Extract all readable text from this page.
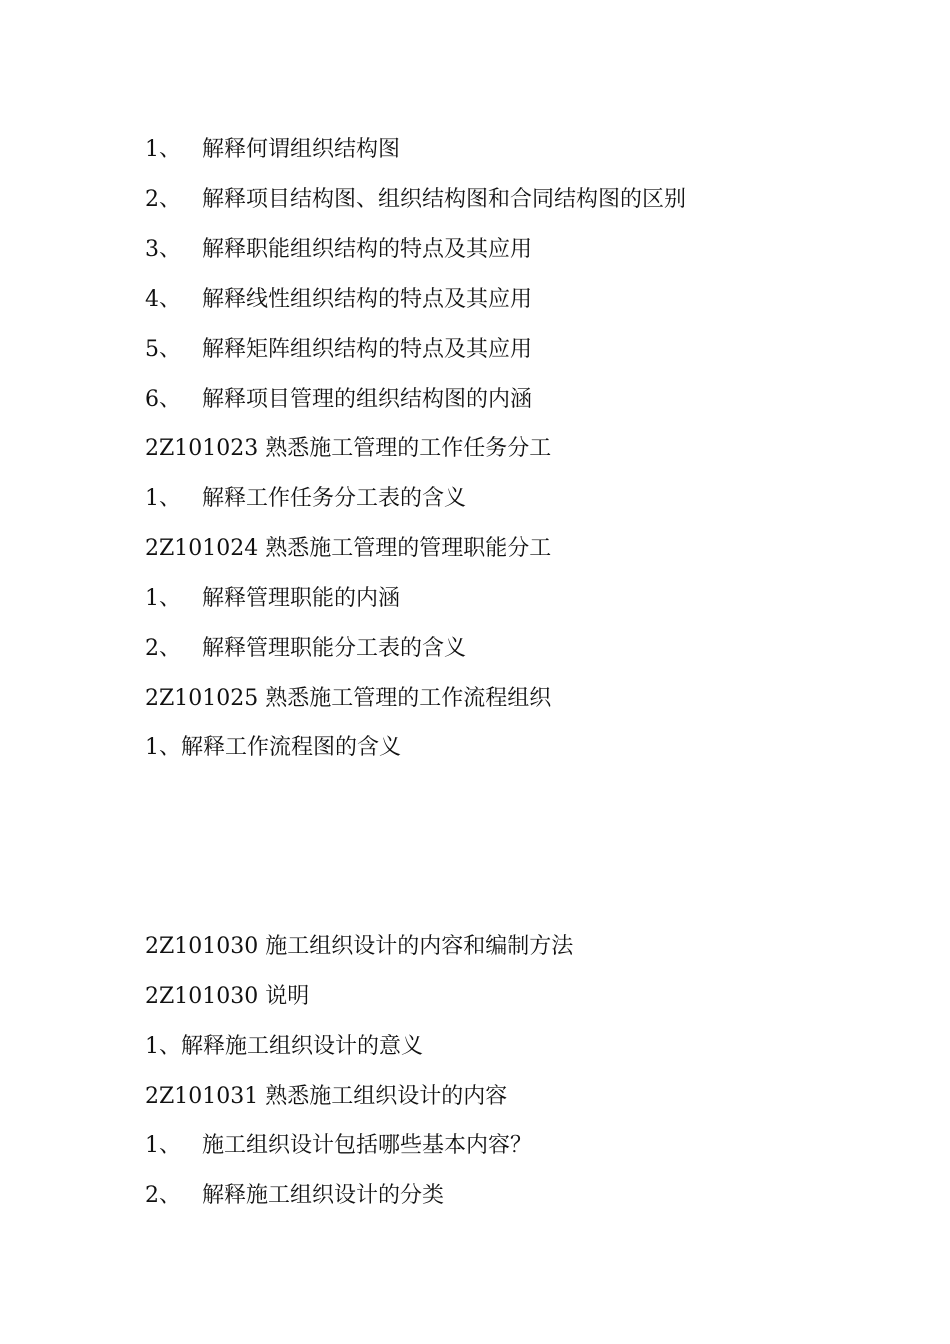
1、 解释何谓组织结构图
2、 解释项目结构图、组织结构图和合同结构图的区别
3、 解释职能组织结构的特点及其应用
4、 解释线性组织结构的特点及其应用
5、 解释矩阵组织结构的特点及其应用
6、 解释项目管理的组织结构图的内涵
2Z101023 熟悉施工管理的工作任务分工
1、 解释工作任务分工表的含义
2Z101024 熟悉施工管理的管理职能分工
1、 解释管理职能的内涵
2、 解释管理职能分工表的含义
2Z101025 熟悉施工管理的工作流程组织
1、解释工作流程图的含义
2Z101030 施工组织设计的内容和编制方法
2Z101030 说明
1、解释施工组织设计的意义
2Z101031 熟悉施工组织设计的内容
1、 施工组织设计包括哪些基本内容？
2、 解释施工组织设计的分类
